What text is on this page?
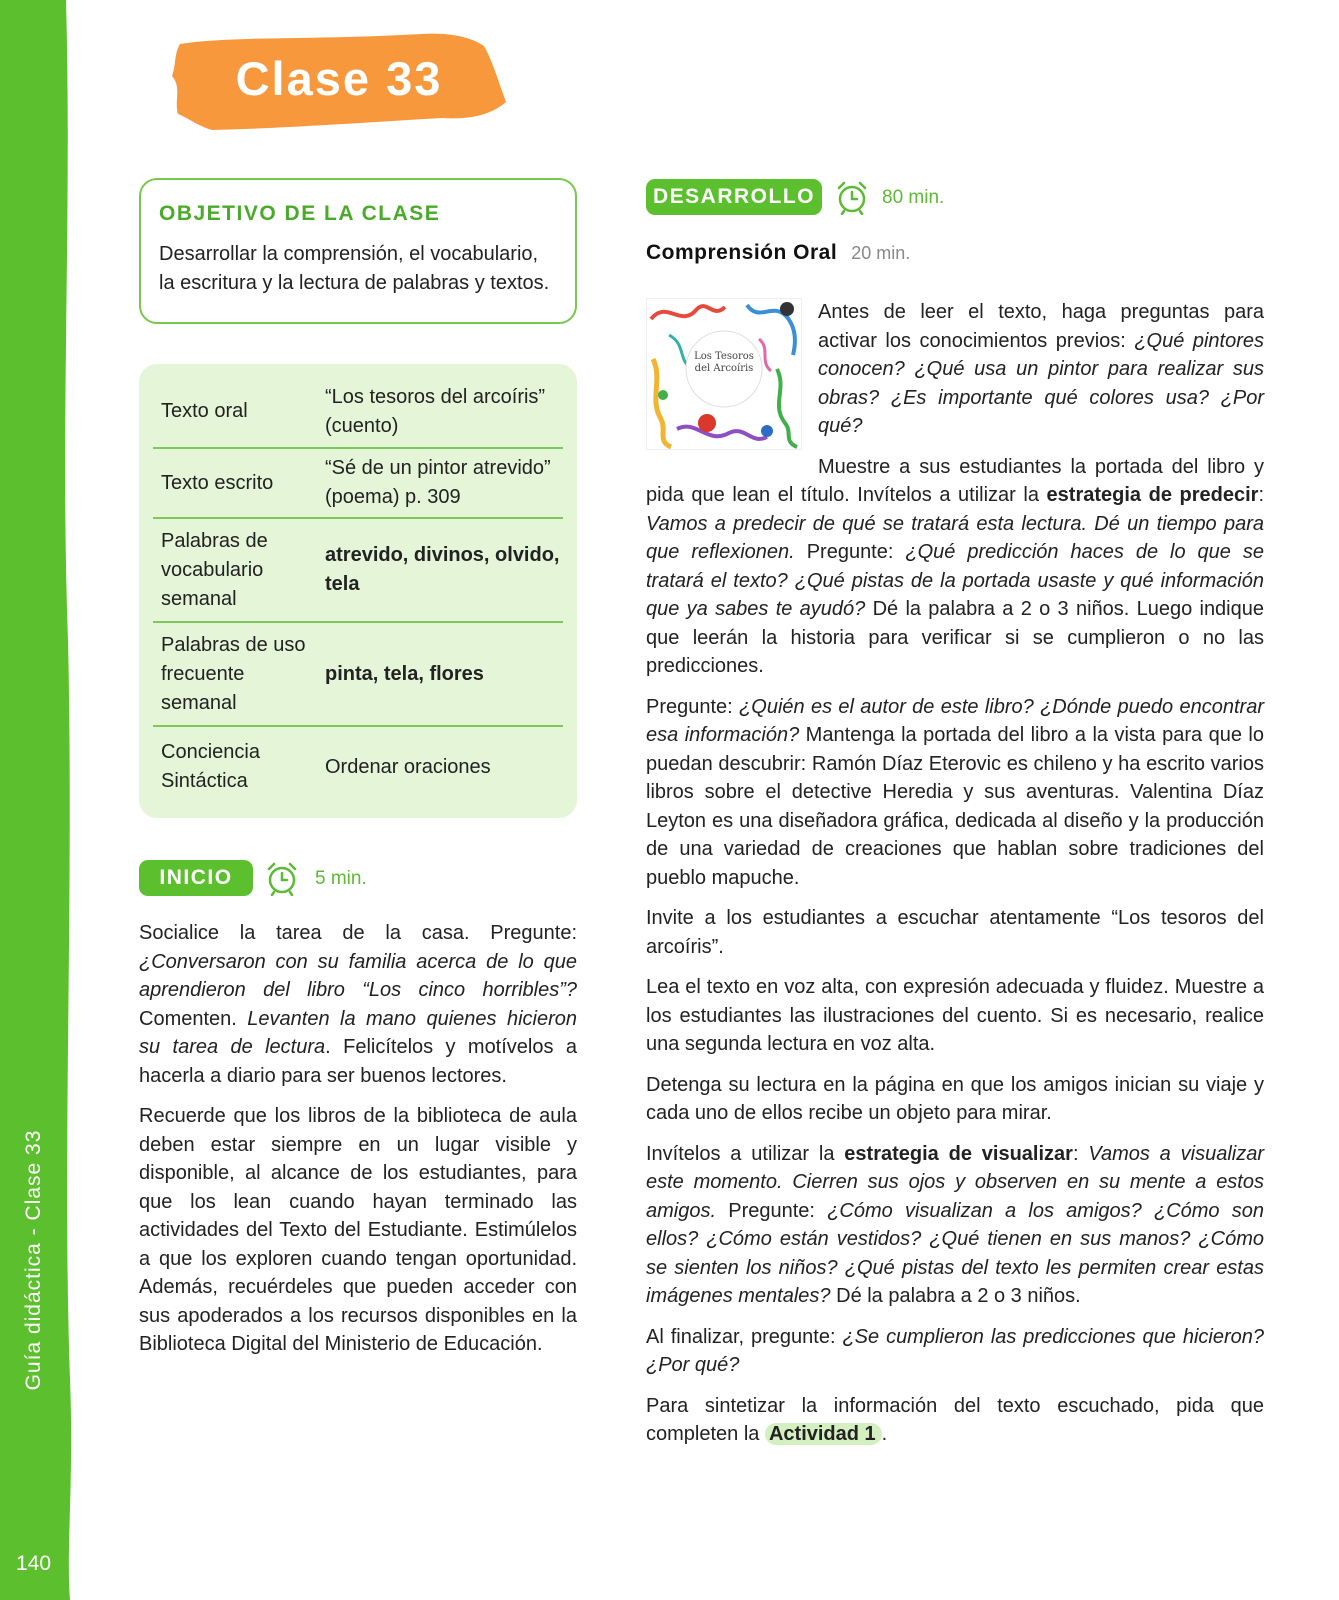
Guía didáctica - Clase 33
140
Clase 33
OBJETIVO DE LA CLASE

Desarrollar la comprensión, el vocabulario, la escritura y la lectura de palabras y textos.

Texto oral
“Los tesoros del arcoíris” (cuento)
Texto escrito
“Sé de un pintor atrevido” (poema) p. 309
Palabras de vocabulario semanal
atrevido, divinos, olvido, tela
Palabras de uso frecuente semanal
pinta, tela, flores
Conciencia Sintáctica
Ordenar oraciones
INICIO	5 min.

Socialice la tarea de la casa. Pregunte: ¿Conversaron con su familia acerca de lo que aprendieron del libro “Los cinco horribles”? Comenten. Levanten la mano quienes hicieron su tarea de lectura. Felicítelos y motívelos a hacerla a diario para ser buenos lectores.

Recuerde que los libros de la biblioteca de aula deben estar siempre en un lugar visible y disponible, al alcance de los estudiantes, para que los lean cuando hayan terminado las actividades del Texto del Estudiante. Estimúlelos a que los exploren cuando tengan oportunidad. Además, recuérdeles que pueden acceder con sus apoderados a los recursos disponibles en la Biblioteca Digital del Ministerio de Educación.

DESARROLLO	80 min.
Comprensión Oral 20 min.
Los Tesoros del Arcoíris

Antes de leer el texto, haga preguntas para activar los conocimientos previos: ¿Qué pintores conocen? ¿Qué usa un pintor para realizar sus obras? ¿Es importante qué colores usa? ¿Por qué?

Muestre a sus estudiantes la portada del libro y pida que lean el título. Invítelos a utilizar la estrategia de predecir: Vamos a predecir de qué se tratará esta lectura. Dé un tiempo para que reflexionen. Pregunte: ¿Qué predicción haces de lo que se tratará el texto? ¿Qué pistas de la portada usaste y qué información que ya sabes te ayudó? Dé la palabra a 2 o 3 niños. Luego indique que leerán la historia para verificar si se cumplieron o no las predicciones.

Pregunte: ¿Quién es el autor de este libro? ¿Dónde puedo encontrar esa información? Mantenga la portada del libro a la vista para que lo puedan descubrir: Ramón Díaz Eterovic es chileno y ha escrito varios libros sobre el detective Heredia y sus aventuras. Valentina Díaz Leyton es una diseñadora gráfica, dedicada al diseño y la producción de una variedad de creaciones que hablan sobre tradiciones del pueblo mapuche.

Invite a los estudiantes a escuchar atentamente “Los tesoros del arcoíris”.

Lea el texto en voz alta, con expresión adecuada y fluidez. Muestre a los estudiantes las ilustraciones del cuento. Si es necesario, realice una segunda lectura en voz alta.

Detenga su lectura en la página en que los amigos inician su viaje y cada uno de ellos recibe un objeto para mirar.

Invítelos a utilizar la estrategia de visualizar: Vamos a visualizar este momento. Cierren sus ojos y observen en su mente a estos amigos. Pregunte: ¿Cómo visualizan a los amigos? ¿Cómo son ellos? ¿Cómo están vestidos? ¿Qué tienen en sus manos? ¿Cómo se sienten los niños? ¿Qué pistas del texto les permiten crear estas imágenes mentales? Dé la palabra a 2 o 3 niños.

Al finalizar, pregunte: ¿Se cumplieron las predicciones que hicieron? ¿Por qué?

Para sintetizar la información del texto escuchado, pida que completen la Actividad 1 .
